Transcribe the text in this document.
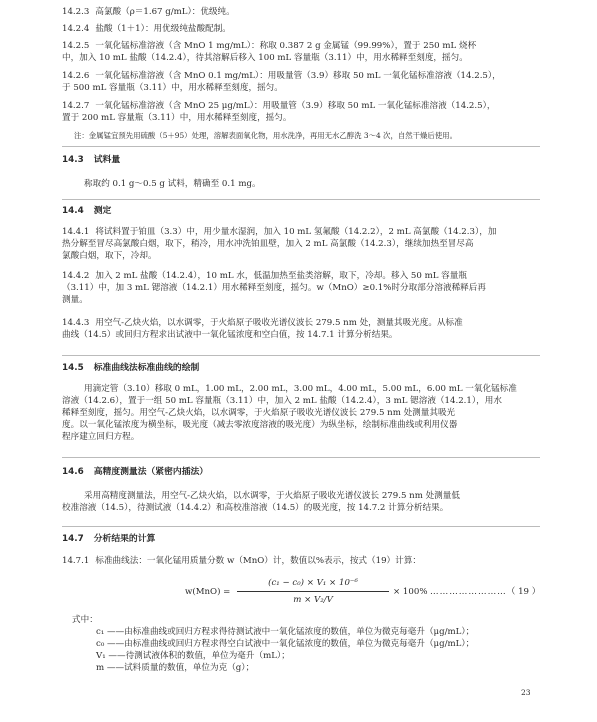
14.2.3 高氯酸（ρ＝1.67 g/mL）：优级纯。

14.2.4 盐酸（1＋1）：用优级纯盐酸配制。

14.2.5 一氧化锰标准溶液（含 MnO 1 mg/mL）：称取 0.387 2 g 金属锰（99.99%），置于 250 mL 烧杯

中，加入 10 mL 盐酸（14.2.4），待其溶解后移入 100 mL 容量瓶（3.11）中，用水稀释至刻度，摇匀。

14.2.6 一氧化锰标准溶液（含 MnO 0.1 mg/mL）：用吸量管（3.9）移取 50 mL 一氧化锰标准溶液（14.2.5），

于 500 mL 容量瓶（3.11）中，用水稀释至刻度，摇匀。

14.2.7 一氧化锰标准溶液（含 MnO 25 μg/mL）：用吸量管（3.9）移取 50 mL 一氧化锰标准溶液（14.2.5），

置于 200 mL 容量瓶（3.11）中，用水稀释至刻度，摇匀。

注：金属锰宜预先用硫酸（5＋95）处理，溶解表面氧化物，用水洗净，再用无水乙醇洗 3～4 次，自然干燥后使用。

14.3 试料量

称取约 0.1 g～0.5 g 试料，精确至 0.1 mg。

14.4 测定

14.4.1 将试料置于铂皿（3.3）中，用少量水湿润，加入 10 mL 氢氟酸（14.2.2），2 mL 高氯酸（14.2.3），加

热分解至冒尽高氯酸白烟，取下，稍冷，用水冲洗铂皿壁，加入 2 mL 高氯酸（14.2.3），继续加热至冒尽高

氯酸白烟，取下，冷却。

14.4.2 加入 2 mL 盐酸（14.2.4），10 mL 水，低温加热至盐类溶解，取下，冷却。移入 50 mL 容量瓶

（3.11）中，加 3 mL 锶溶液（14.2.1）用水稀释至刻度，摇匀。w（MnO）≥0.1%时分取部分溶液稀释后再

测量。

14.4.3 用空气-乙炔火焰，以水调零，于火焰原子吸收光谱仪波长 279.5 nm 处，测量其吸光度。从标准

曲线（14.5）或回归方程求出试液中一氧化锰浓度和空白值，按 14.7.1 计算分析结果。

14.5 标准曲线法标准曲线的绘制

用滴定管（3.10）移取 0 mL，1.00 mL，2.00 mL，3.00 mL，4.00 mL，5.00 mL，6.00 mL 一氧化锰标准

溶液（14.2.6），置于一组 50 mL 容量瓶（3.11）中，加入 2 mL 盐酸（14.2.4），3 mL 锶溶液（14.2.1），用水

稀释至刻度，摇匀。用空气-乙炔火焰，以水调零，于火焰原子吸收光谱仪波长 279.5 nm 处测量其吸光

度。以一氧化锰浓度为横坐标，吸光度（减去零浓度溶液的吸光度）为纵坐标，绘制标准曲线或利用仪器

程序建立回归方程。

14.6 高精度测量法（紧密内插法）

采用高精度测量法，用空气-乙炔火焰，以水调零，于火焰原子吸收光谱仪波长 279.5 nm 处测量低

校准溶液（14.5），待测试液（14.4.2）和高校准溶液（14.5）的吸光度，按 14.7.2 计算分析结果。

14.7 分析结果的计算

14.7.1 标准曲线法：一氧化锰用质量分数 w（MnO）计，数值以%表示，按式（19）计算：

w(MnO) =
(c₁ − c₀) × V₁ × 10⁻⁶
m × V₂/V
× 100% ……………………（ 19 ）

式中：

c₁ ——由标准曲线或回归方程求得待测试液中一氧化锰浓度的数值，单位为微克每毫升（μg/mL）；

c₀ ——由标准曲线或回归方程求得空白试液中一氧化锰浓度的数值，单位为微克每毫升（μg/mL）；

V₁ ——待测试液体积的数值，单位为毫升（mL）；

m ——试料质量的数值，单位为克（g）；

23
